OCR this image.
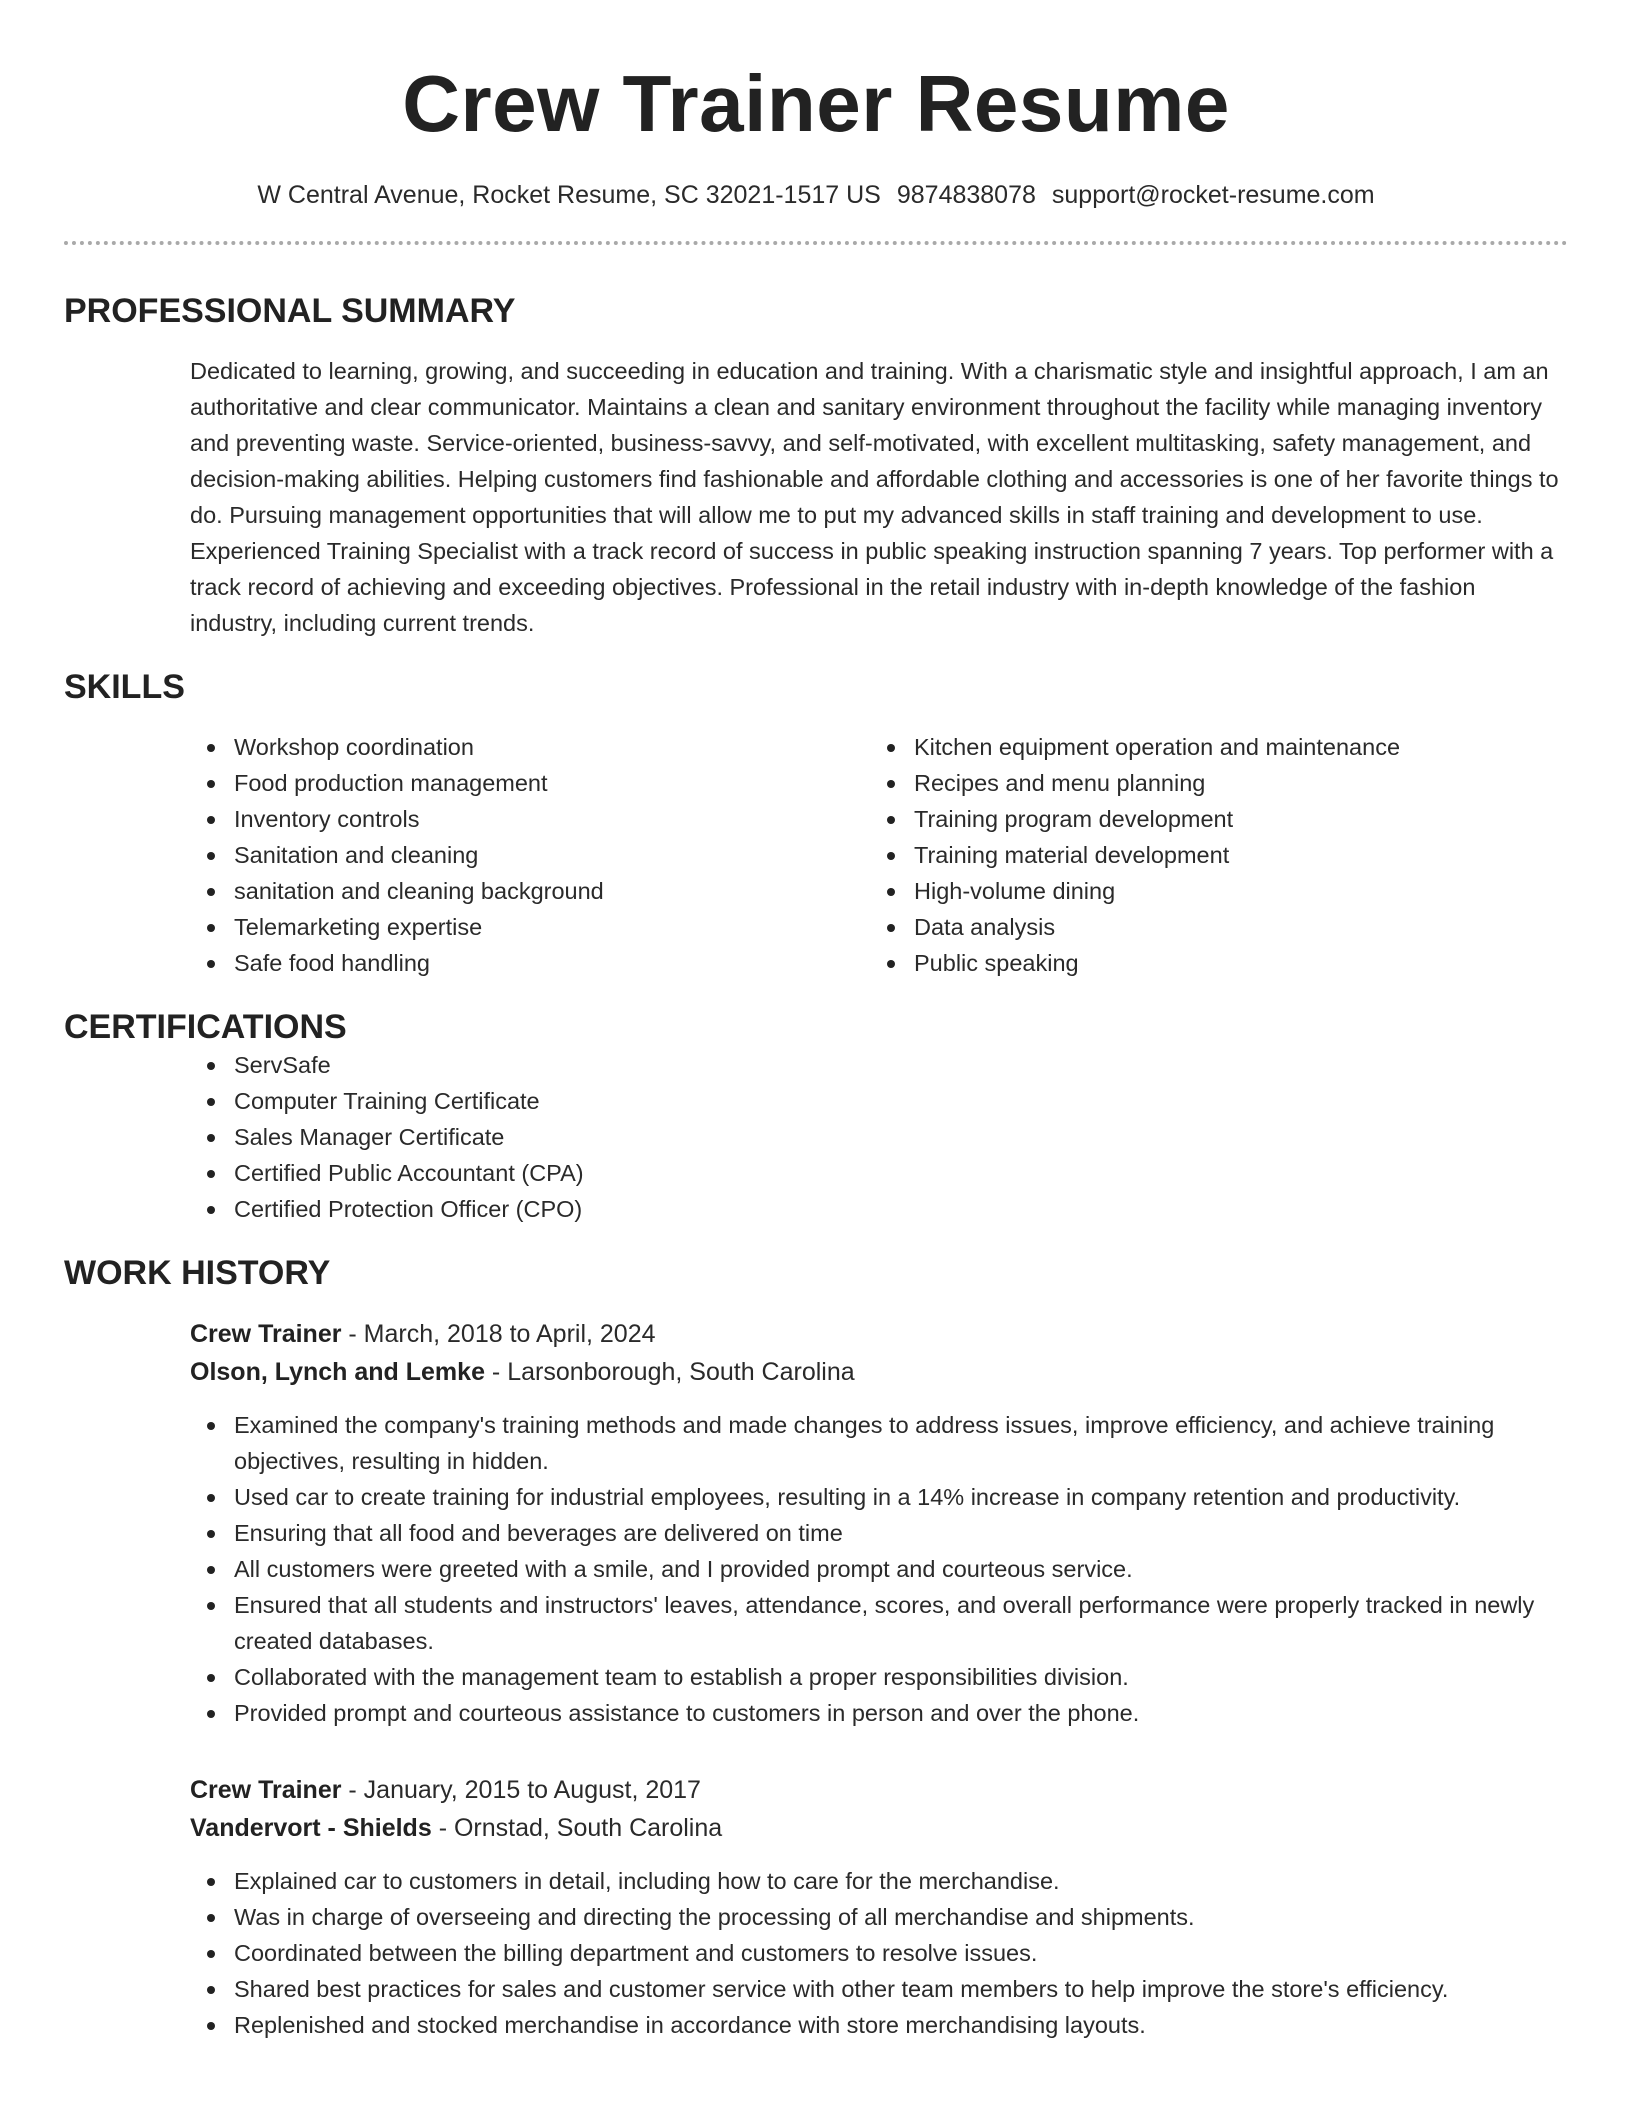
Crew Trainer Resume
W Central Avenue, Rocket Resume, SC 32021-1517 US 9874838078 support@rocket-resume.com
PROFESSIONAL SUMMARY
Dedicated to learning, growing, and succeeding in education and training. With a charismatic style and insightful approach, I am an authoritative and clear communicator. Maintains a clean and sanitary environment throughout the facility while managing inventory and preventing waste. Service-oriented, business-savvy, and self-motivated, with excellent multitasking, safety management, and decision-making abilities. Helping customers find fashionable and affordable clothing and accessories is one of her favorite things to do. Pursuing management opportunities that will allow me to put my advanced skills in staff training and development to use. Experienced Training Specialist with a track record of success in public speaking instruction spanning 7 years. Top performer with a track record of achieving and exceeding objectives. Professional in the retail industry with in-depth knowledge of the fashion industry, including current trends.
SKILLS
Workshop coordination
Food production management
Inventory controls
Sanitation and cleaning
sanitation and cleaning background
Telemarketing expertise
Safe food handling
Kitchen equipment operation and maintenance
Recipes and menu planning
Training program development
Training material development
High-volume dining
Data analysis
Public speaking
CERTIFICATIONS
ServSafe
Computer Training Certificate
Sales Manager Certificate
Certified Public Accountant (CPA)
Certified Protection Officer (CPO)
WORK HISTORY
Crew Trainer - March, 2018 to April, 2024
Olson, Lynch and Lemke - Larsonborough, South Carolina
Examined the company's training methods and made changes to address issues, improve efficiency, and achieve training objectives, resulting in hidden.
Used car to create training for industrial employees, resulting in a 14% increase in company retention and productivity.
Ensuring that all food and beverages are delivered on time
All customers were greeted with a smile, and I provided prompt and courteous service.
Ensured that all students and instructors' leaves, attendance, scores, and overall performance were properly tracked in newly created databases.
Collaborated with the management team to establish a proper responsibilities division.
Provided prompt and courteous assistance to customers in person and over the phone.
Crew Trainer - January, 2015 to August, 2017
Vandervort - Shields - Ornstad, South Carolina
Explained car to customers in detail, including how to care for the merchandise.
Was in charge of overseeing and directing the processing of all merchandise and shipments.
Coordinated between the billing department and customers to resolve issues.
Shared best practices for sales and customer service with other team members to help improve the store's efficiency.
Replenished and stocked merchandise in accordance with store merchandising layouts.
